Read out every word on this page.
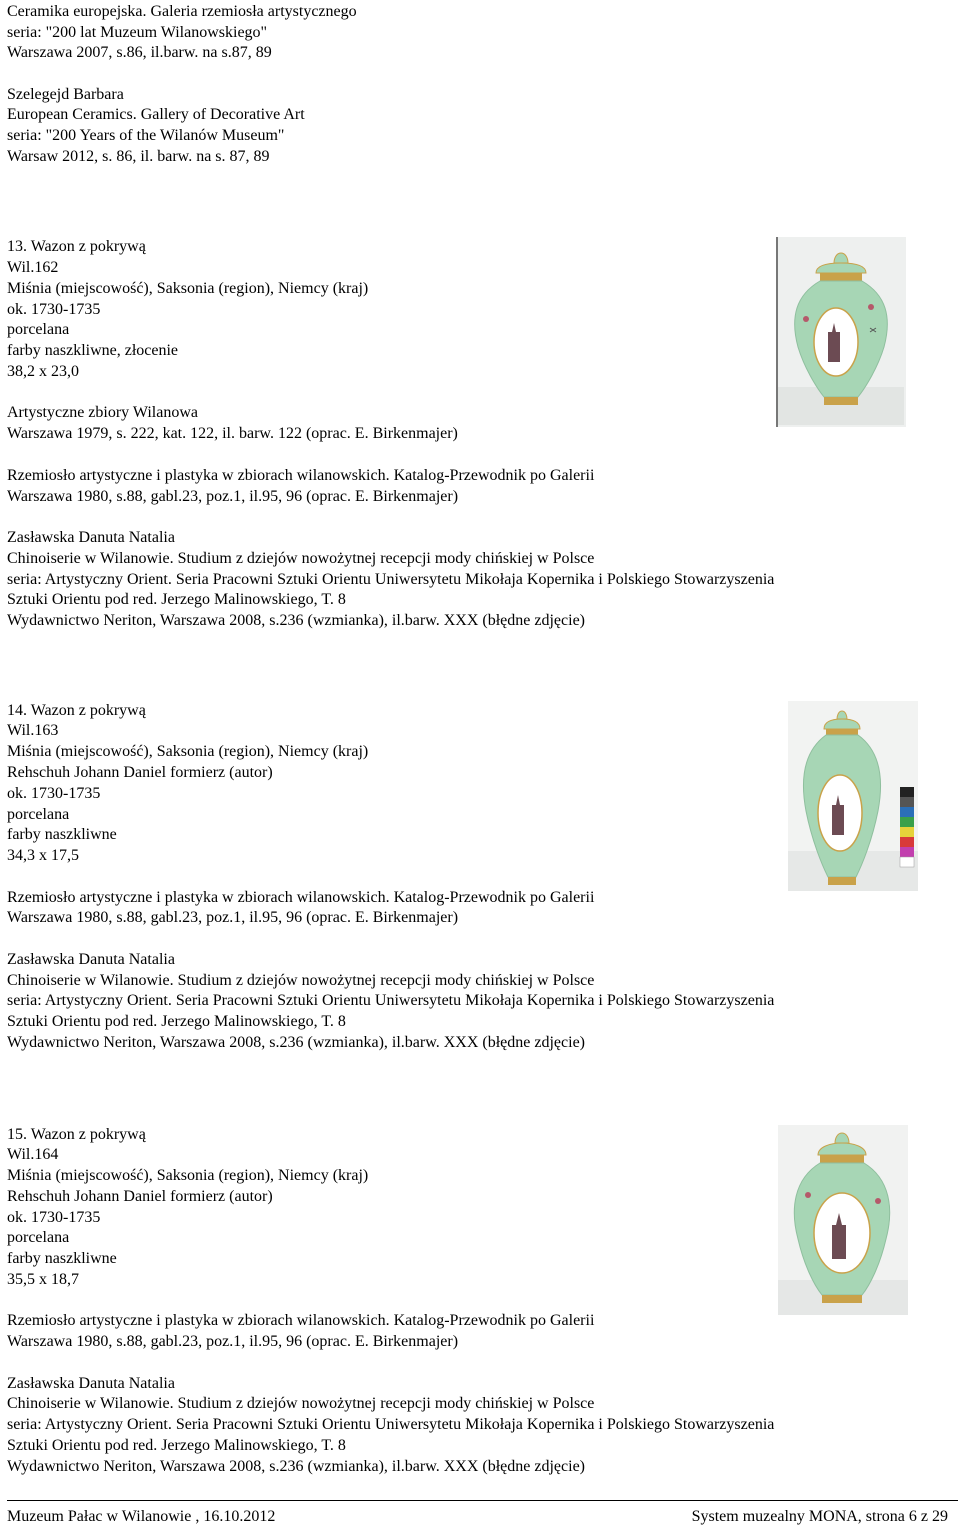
Ceramika europejska. Galeria rzemiosła artystycznego
seria: "200 lat Muzeum Wilanowskiego"
Warszawa 2007, s.86, il.barw. na s.87, 89
Szelegejd Barbara
European Ceramics. Gallery of Decorative Art
seria: "200 Years of the Wilanów Museum"
Warsaw 2012, s. 86, il. barw. na s. 87, 89
13. Wazon z pokrywą
Wil.162
Miśnia (miejscowość), Saksonia (region), Niemcy (kraj)
ok. 1730-1735
porcelana
farby naszkliwne, złocenie
38,2 x 23,0
Artystyczne zbiory Wilanowa
Warszawa 1979, s. 222, kat. 122, il. barw. 122 (oprac. E. Birkenmajer)
Rzemiosło artystyczne i plastyka w zbiorach wilanowskich. Katalog-Przewodnik po Galerii
Warszawa 1980, s.88, gabl.23, poz.1, il.95, 96 (oprac. E. Birkenmajer)
Zasławska Danuta Natalia
Chinoiserie w Wilanowie. Studium z dziejów nowożytnej recepcji mody chińskiej w Polsce
seria: Artystyczny Orient. Seria Pracowni Sztuki Orientu Uniwersytetu Mikołaja Kopernika i Polskiego Stowarzyszenia
Sztuki Orientu pod red. Jerzego Malinowskiego, T. 8
Wydawnictwo Neriton, Warszawa 2008, s.236 (wzmianka), il.barw. XXX (błędne zdjęcie)
14. Wazon z pokrywą
Wil.163
Miśnia (miejscowość), Saksonia (region), Niemcy (kraj)
Rehschuh Johann Daniel formierz (autor)
ok. 1730-1735
porcelana
farby naszkliwne
34,3 x 17,5
Rzemiosło artystyczne i plastyka w zbiorach wilanowskich. Katalog-Przewodnik po Galerii
Warszawa 1980, s.88, gabl.23, poz.1, il.95, 96 (oprac. E. Birkenmajer)
Zasławska Danuta Natalia
Chinoiserie w Wilanowie. Studium z dziejów nowożytnej recepcji mody chińskiej w Polsce
seria: Artystyczny Orient. Seria Pracowni Sztuki Orientu Uniwersytetu Mikołaja Kopernika i Polskiego Stowarzyszenia
Sztuki Orientu pod red. Jerzego Malinowskiego, T. 8
Wydawnictwo Neriton, Warszawa 2008, s.236 (wzmianka), il.barw. XXX (błędne zdjęcie)
15. Wazon z pokrywą
Wil.164
Miśnia (miejscowość), Saksonia (region), Niemcy (kraj)
Rehschuh Johann Daniel formierz (autor)
ok. 1730-1735
porcelana
farby naszkliwne
35,5 x 18,7
Rzemiosło artystyczne i plastyka w zbiorach wilanowskich. Katalog-Przewodnik po Galerii
Warszawa 1980, s.88, gabl.23, poz.1, il.95, 96 (oprac. E. Birkenmajer)
Zasławska Danuta Natalia
Chinoiserie w Wilanowie. Studium z dziejów nowożytnej recepcji mody chińskiej w Polsce
seria: Artystyczny Orient. Seria Pracowni Sztuki Orientu Uniwersytetu Mikołaja Kopernika i Polskiego Stowarzyszenia
Sztuki Orientu pod red. Jerzego Malinowskiego, T. 8
Wydawnictwo Neriton, Warszawa 2008, s.236 (wzmianka), il.barw. XXX (błędne zdjęcie)
Muzeum Pałac w Wilanowie , 16.10.2012	System muzealny MONA, strona 6 z 29
